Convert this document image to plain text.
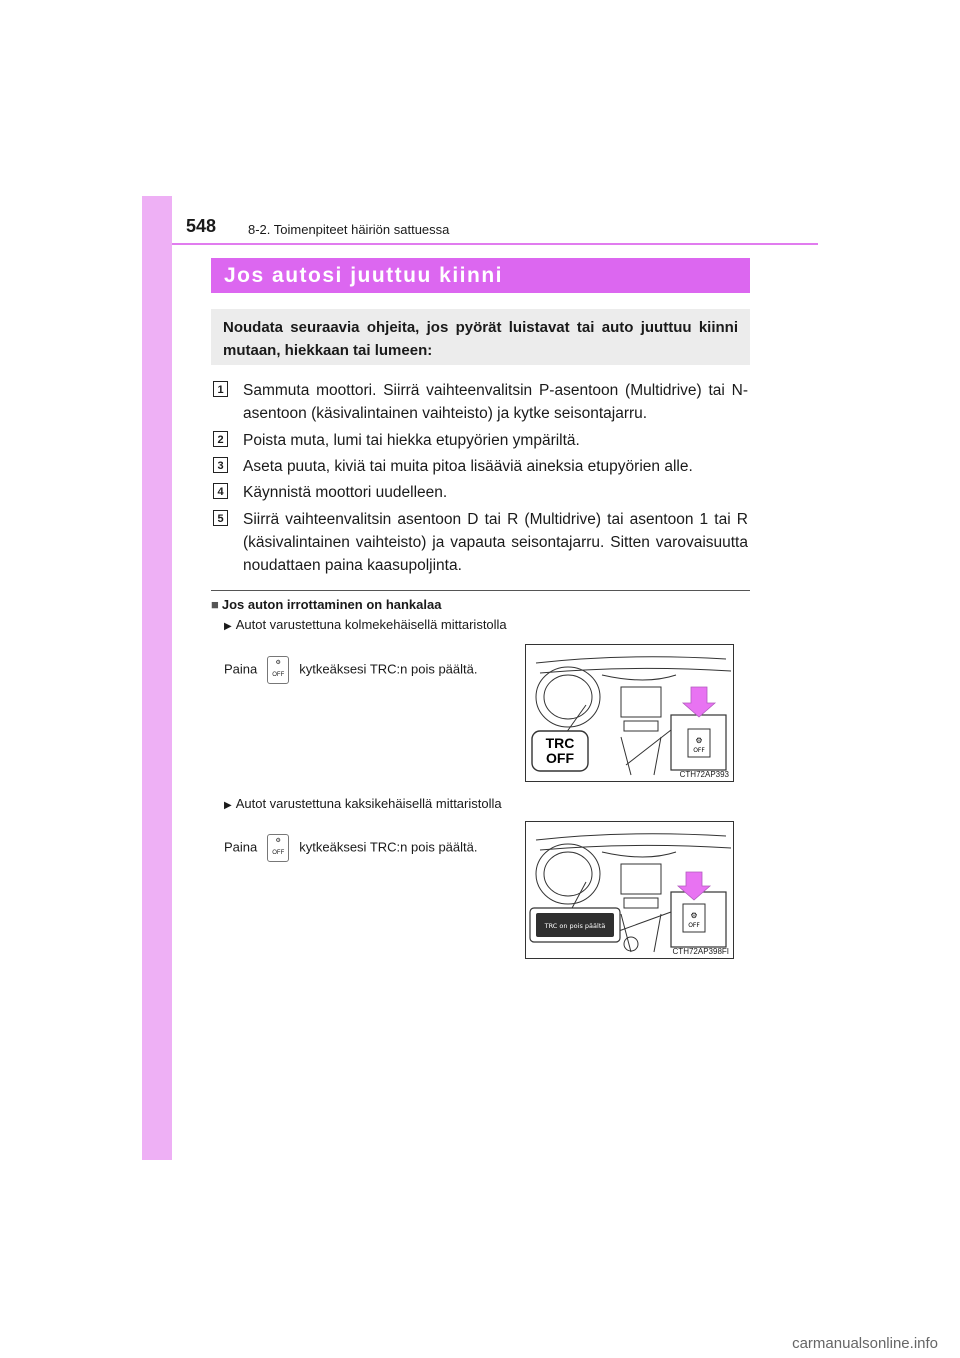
548 8-2. Toimenpiteet häiriön sattuessa
Jos autosi juuttuu kiinni
Noudata seuraavia ohjeita, jos pyörät luistavat tai auto juuttuu kiinni mutaan, hiekkaan tai lumeen:
1 Sammuta moottori. Siirrä vaihteenvalitsin P-asentoon (Multidrive) tai N-asentoon (käsivalintainen vaihteisto) ja kytke seisontajarru.
2 Poista muta, lumi tai hiekka etupyörien ympäriltä.
3 Aseta puuta, kiviä tai muita pitoa lisääviä aineksia etupyörien alle.
4 Käynnistä moottori uudelleen.
5 Siirrä vaihteenvalitsin asentoon D tai R (Multidrive) tai asentoon 1 tai R (käsivalintainen vaihteisto) ja vapauta seisontajarru. Sitten varovaisuutta noudattaen paina kaasupoljinta.
■ Jos auton irrottaminen on hankalaa
▶ Autot varustettuna kolmekehäisellä mittaristolla
Paina	⚙
OFF kytkeäksesi TRC:n pois päältä.
⚙
OFF
TRC
OFF
CTH72AP393
▶ Autot varustettuna kaksikehäisellä mittaristolla
Paina	⚙
OFF kytkeäksesi TRC:n pois päältä.
⚙
OFF
TRC on pois päältä
CTH72AP398FI
carmanualsonline.info
